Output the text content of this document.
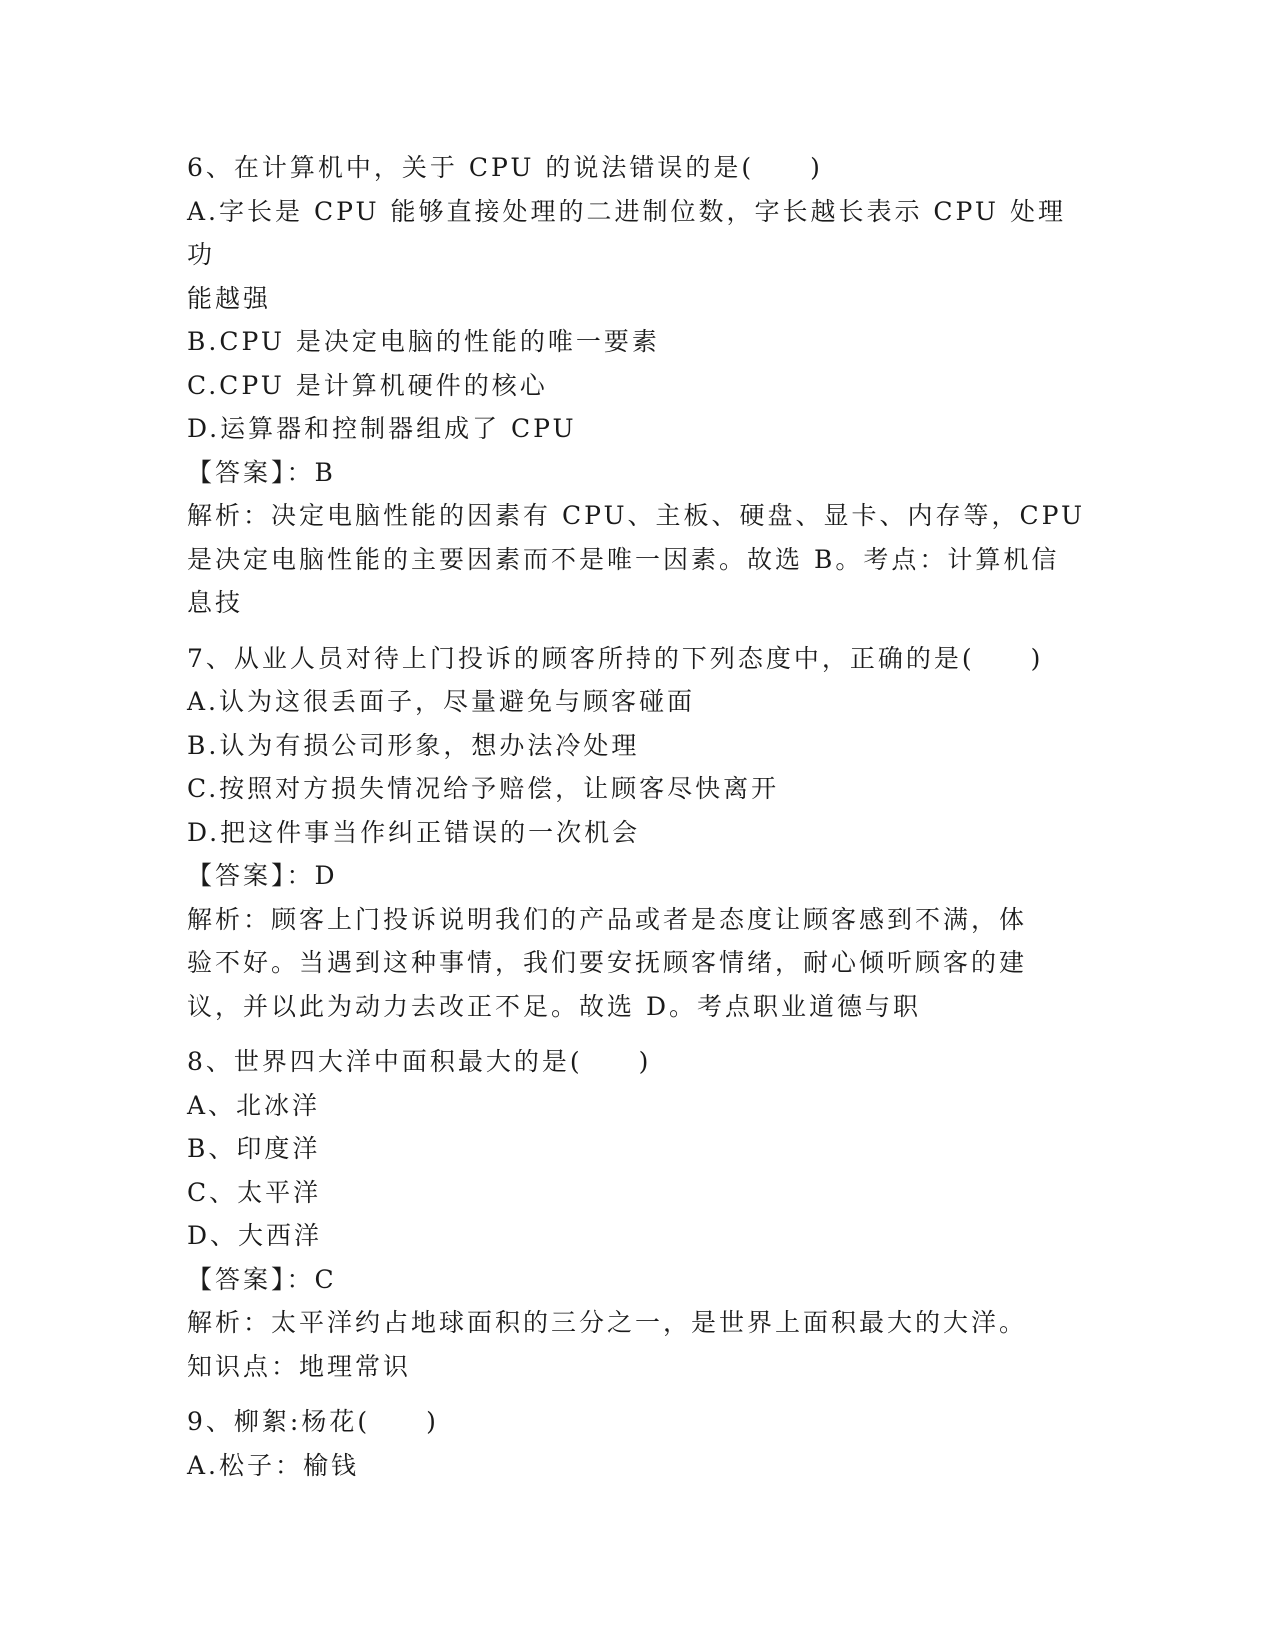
6、在计算机中，关于 CPU 的说法错误的是(　　)

A.字长是 CPU 能够直接处理的二进制位数，字长越长表示 CPU 处理功

能越强

B.CPU 是决定电脑的性能的唯一要素

C.CPU 是计算机硬件的核心

D.运算器和控制器组成了 CPU

【答案】：B

解析：决定电脑性能的因素有 CPU、主板、硬盘、显卡、内存等，CPU

是决定电脑性能的主要因素而不是唯一因素。故选 B。考点：计算机信

息技

7、从业人员对待上门投诉的顾客所持的下列态度中，正确的是(　　)

A.认为这很丢面子，尽量避免与顾客碰面

B.认为有损公司形象，想办法冷处理

C.按照对方损失情况给予赔偿，让顾客尽快离开

D.把这件事当作纠正错误的一次机会

【答案】：D

解析：顾客上门投诉说明我们的产品或者是态度让顾客感到不满，体

验不好。当遇到这种事情，我们要安抚顾客情绪，耐心倾听顾客的建

议，并以此为动力去改正不足。故选 D。考点职业道德与职

8、世界四大洋中面积最大的是(　　)

A、北冰洋

B、印度洋

C、太平洋

D、大西洋

【答案】：C

解析：太平洋约占地球面积的三分之一，是世界上面积最大的大洋。

知识点：地理常识

9、柳絮:杨花(　　)

A.松子：榆钱
